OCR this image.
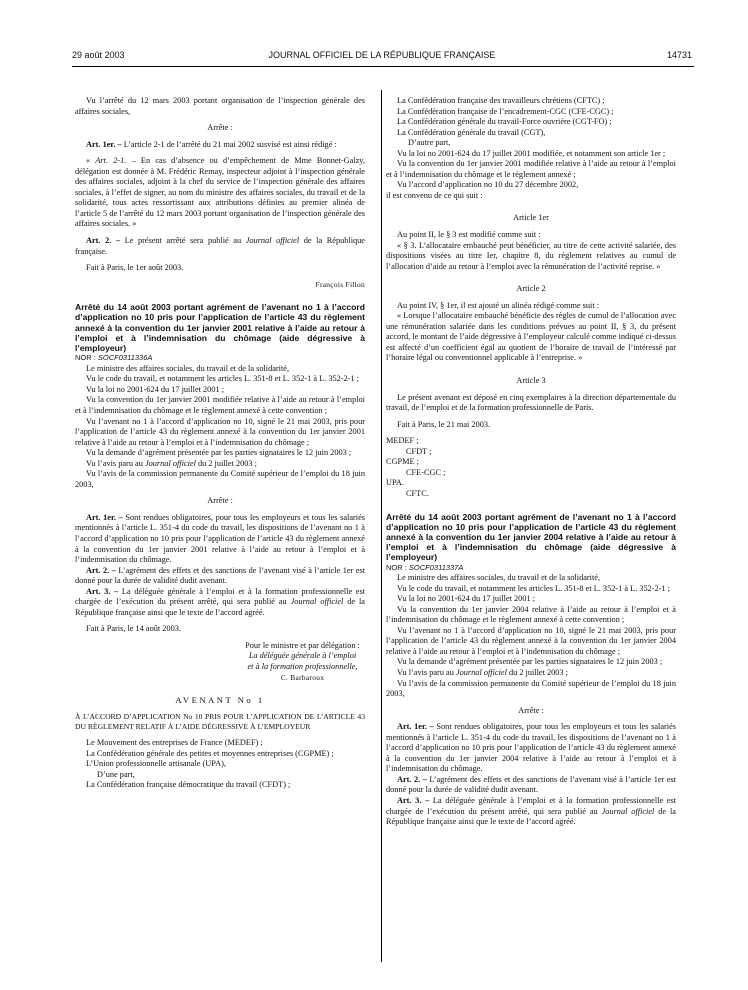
29 août 2003	JOURNAL OFFICIEL DE LA RÉPUBLIQUE FRANÇAISE	14731

Vu l’arrêté du 12 mars 2003 portant organisation de l’inspection générale des affaires sociales,

Arrête :

Art. 1er. – L’article 2-1 de l’arrêté du 21 mai 2002 susvisé est ainsi rédigé :

« Art. 2-1. – En cas d’absence ou d’empêchement de Mme Bonnet-Galzy, délégation est donnée à M. Frédéric Remay, inspecteur adjoint à l’inspection générale des affaires sociales, adjoint à la chef du service de l’inspection générale des affaires sociales, à l’effet de signer, au nom du ministre des affaires sociales, du travail et de la solidarité, tous actes ressortissant aux attributions définies au premier alinéa de l’article 5 de l’arrêté du 12 mars 2003 portant organisation de l’inspection générale des affaires sociales. »

Art. 2. – Le présent arrêté sera publié au Journal officiel de la République française.

Fait à Paris, le 1er août 2003.

François Fillon

Arrêté du 14 août 2003 portant agrément de l’avenant no 1 à l’accord d’application no 10 pris pour l’application de l’article 43 du règlement annexé à la convention du 1er janvier 2001 relative à l’aide au retour à l’emploi et à l’indemnisation du chômage (aide dégressive à l’employeur)

NOR : SOCF0311336A

Le ministre des affaires sociales, du travail et de la solidarité,

Vu le code du travail, et notamment les articles L. 351-8 et L. 352-1 à L. 352-2-1 ;

Vu la loi no 2001-624 du 17 juillet 2001 ;

Vu la convention du 1er janvier 2001 modifiée relative à l’aide au retour à l’emploi et à l’indemnisation du chômage et le règlement annexé à cette convention ;

Vu l’avenant no 1 à l’accord d’application no 10, signé le 21 mai 2003, pris pour l’application de l’article 43 du règlement annexé à la convention du 1er janvier 2001 relative à l’aide au retour à l’emploi et à l’indemnisation du chômage ;

Vu la demande d’agrément présentée par les parties signataires le 12 juin 2003 ;

Vu l’avis paru au Journal officiel du 2 juillet 2003 ;

Vu l’avis de la commission permanente du Comité supérieur de l’emploi du 18 juin 2003,

Arrête :

Art. 1er. – Sont rendues obligatoires, pour tous les employeurs et tous les salariés mentionnés à l’article L. 351-4 du code du travail, les dispositions de l’avenant no 1 à l’accord d’application no 10 pris pour l’application de l’article 43 du règlement annexé à la convention du 1er janvier 2001 relative à l’aide au retour à l’emploi et à l’indemnisation du chômage.

Art. 2. – L’agrément des effets et des sanctions de l’avenant visé à l’article 1er est donné pour la durée de validité dudit avenant.

Art. 3. – La déléguée générale à l’emploi et à la formation professionnelle est chargée de l’exécution du présent arrêté, qui sera publié au Journal officiel de la République française ainsi que le texte de l’accord agréé.

Fait à Paris, le 14 août 2003.

Pour le ministre et par délégation :
La déléguée générale à l’emploi
et à la formation professionnelle,
C. Barbaroux

AVENANT No 1

À L’ACCORD D’APPLICATION No 10 PRIS POUR L’APPLICATION DE L’ARTICLE 43 DU RÈGLEMENT RELATIF À L’AIDE DÉGRESSIVE À L’EMPLOYEUR

Le Mouvement des entreprises de France (MEDEF) ;

La Confédération générale des petites et moyennes entreprises (CGPME) ;

L’Union professionnelle artisanale (UPA),

D’une part,

La Confédération française démocratique du travail (CFDT) ;

La Confédération française des travailleurs chrétiens (CFTC) ;

La Confédération française de l’encadrement-CGC (CFE-CGC) ;

La Confédération générale du travail-Force ouvrière (CGT-FO) ;

La Confédération générale du travail (CGT),

D’autre part,

Vu la loi no 2001-624 du 17 juillet 2001 modifiée, et notamment son article 1er ;

Vu la convention du 1er janvier 2001 modifiée relative à l’aide au retour à l’emploi et à l’indemnisation du chômage et le règlement annexé ;

Vu l’accord d’application no 10 du 27 décembre 2002,

il est convenu de ce qui suit :

Article 1er

Au point II, le § 3 est modifié comme suit :

« § 3. L’allocataire embauché peut bénéficier, au titre de cette activité salariée, des dispositions visées au titre Ier, chapitre 8, du règlement relatives au cumul de l’allocation d’aide au retour à l’emploi avec la rémunération de l’activité reprise. »

Article 2

Au point IV, § 1er, il est ajouté un alinéa rédigé comme suit :

« Lorsque l’allocataire embauché bénéficie des règles de cumul de l’allocation avec une rémunération salariée dans les conditions prévues au point II, § 3, du présent accord, le montant de l’aide dégressive à l’employeur calculé comme indiqué ci-dessus est affecté d’un coefficient égal au quotient de l’horaire de travail de l’intéressé par l’horaire légal ou conventionnel applicable à l’entreprise. »

Article 3

Le présent avenant est déposé en cinq exemplaires à la direction départementale du travail, de l’emploi et de la formation professionnelle de Paris.

Fait à Paris, le 21 mai 2003.

MEDEF ;CFDT ;
CGPME ;CFE-CGC ;
UPA.CFTC.

Arrêté du 14 août 2003 portant agrément de l’avenant no 1 à l’accord d’application no 10 pris pour l’application de l’article 43 du règlement annexé à la convention du 1er janvier 2004 relative à l’aide au retour à l’emploi et à l’indemnisation du chômage (aide dégressive à l’employeur)

NOR : SOCF0311337A

Le ministre des affaires sociales, du travail et de la solidarité,

Vu le code du travail, et notamment les articles L. 351-8 et L. 352-1 à L. 352-2-1 ;

Vu la loi no 2001-624 du 17 juillet 2001 ;

Vu la convention du 1er janvier 2004 relative à l’aide au retour à l’emploi et à l’indemnisation du chômage et le règlement annexé à cette convention ;

Vu l’avenant no 1 à l’accord d’application no 10, signé le 21 mai 2003, pris pour l’application de l’article 43 du règlement annexé à la convention du 1er janvier 2004 relative à l’aide au retour à l’emploi et à l’indemnisation du chômage ;

Vu la demande d’agrément présentée par les parties signataires le 12 juin 2003 ;

Vu l’avis paru au Journal officiel du 2 juillet 2003 ;

Vu l’avis de la commission permanente du Comité supérieur de l’emploi du 18 juin 2003,

Arrête :

Art. 1er. – Sont rendues obligatoires, pour tous les employeurs et tous les salariés mentionnés à l’article L. 351-4 du code du travail, les dispositions de l’avenant no 1 à l’accord d’application no 10 pris pour l’application de l’article 43 du règlement annexé à la convention du 1er janvier 2004 relative à l’aide au retour à l’emploi et à l’indemnisation du chômage.

Art. 2. – L’agrément des effets et des sanctions de l’avenant visé à l’article 1er est donné pour la durée de validité dudit avenant.

Art. 3. – La déléguée générale à l’emploi et à la formation professionnelle est chargée de l’exécution du présent arrêté, qui sera publié au Journal officiel de la République française ainsi que le texte de l’accord agréé.
